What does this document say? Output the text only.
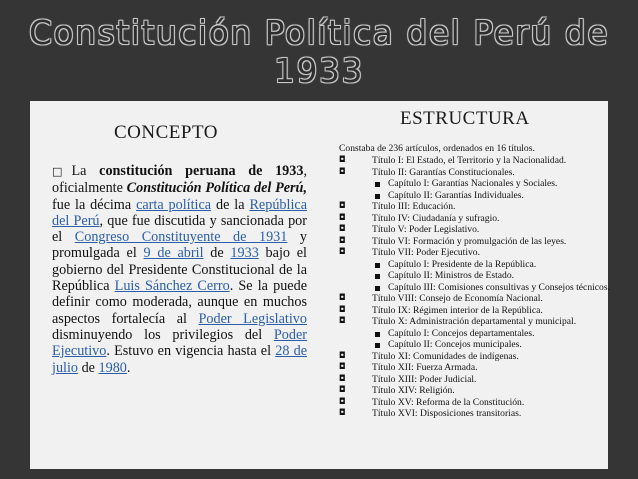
Constitución Política del Perú de 1933
CONCEPTO

□La constitución peruana de 1933, oficialmente Constitución Política del Perú, fue la décima carta política de la República del Perú, que fue discutida y sancionada por el Congreso Constituyente de 1931 y promulgada el 9 de abril de 1933 bajo el gobierno del Presidente Constitucional de la República Luis Sánchez Cerro. Se la puede definir como moderada, aunque en muchos aspectos fortalecía al Poder Legislativo disminuyendo los privilegios del Poder Ejecutivo. Estuvo en vigencia hasta el 28 de julio de 1980.

ESTRUCTURA
Constaba de 236 artículos, ordenados en 16 títulos.
◘	Título I: El Estado, el Territorio y la Nacionalidad.
◘	Título II: Garantías Constitucionales.
Capítulo I: Garantías Nacionales y Sociales.
Capítulo II: Garantías Individuales.
◘	Título III: Educación.
◘	Título IV: Ciudadanía y sufragio.
◘	Título V: Poder Legislativo.
◘	Título VI: Formación y promulgación de las leyes.
◘	Título VII: Poder Ejecutivo.
Capítulo I: Presidente de la República.
Capítulo II: Ministros de Estado.
Capítulo III: Comisiones consultivas y Consejos técnicos.
◘	Título VIII: Consejo de Economía Nacional.
◘	Título IX: Régimen interior de la República.
◘	Título X: Administración departamental y municipal.
Capítulo I: Concejos departamentales.
Capítulo II: Concejos municipales.
◘	Título XI: Comunidades de indígenas.
◘	Título XII: Fuerza Armada.
◘	Título XIII: Poder Judicial.
◘	Título XIV: Religión.
◘	Título XV: Reforma de la Constitución.
◘	Título XVI: Disposiciones transitorias.
